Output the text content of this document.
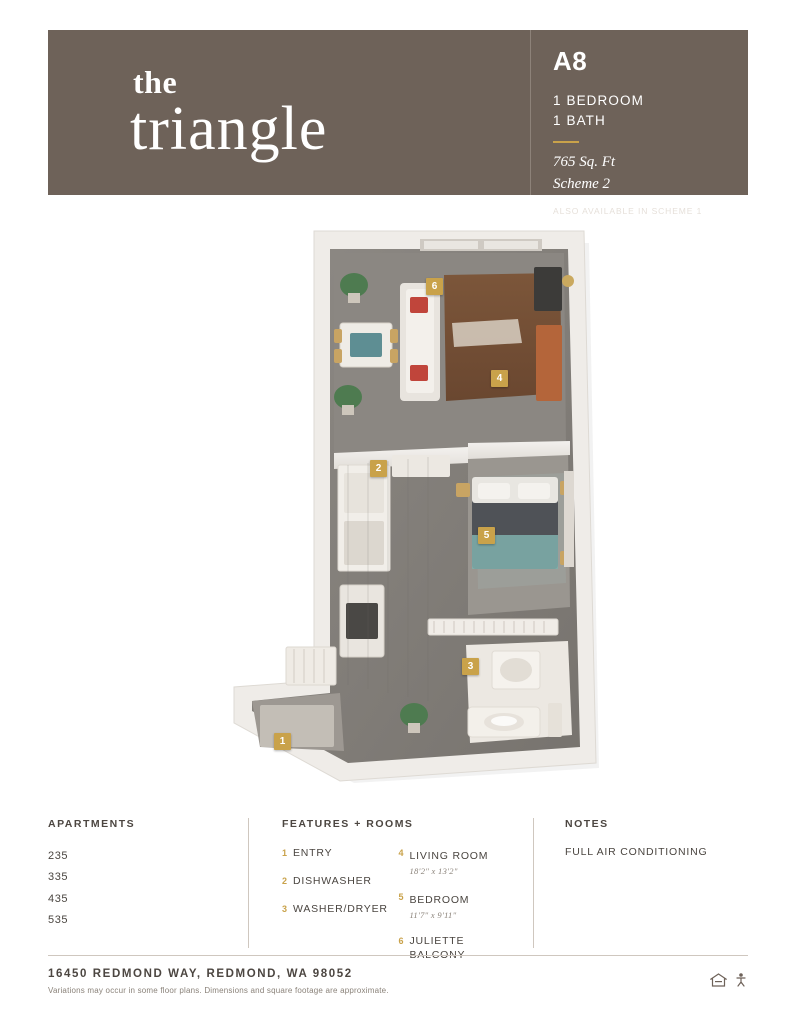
the
triangle
A8
1 BEDROOM
1 BATH
765 Sq. Ft
Scheme 2
ALSO AVAILABLE IN SCHEME 1
6
4
2
5
3
1
APARTMENTS
235
335
435
535
FEATURES + ROOMS
1 ENTRY
2 DISHWASHER
3 WASHER/DRYER
4 LIVING ROOM
18'2" x 13'2"
5 BEDROOM
11'7" x 9'11"
6 JULIETTE BALCONY
NOTES
FULL AIR CONDITIONING
16450 REDMOND WAY, REDMOND, WA 98052
Variations may occur in some floor plans. Dimensions and square footage are approximate.
